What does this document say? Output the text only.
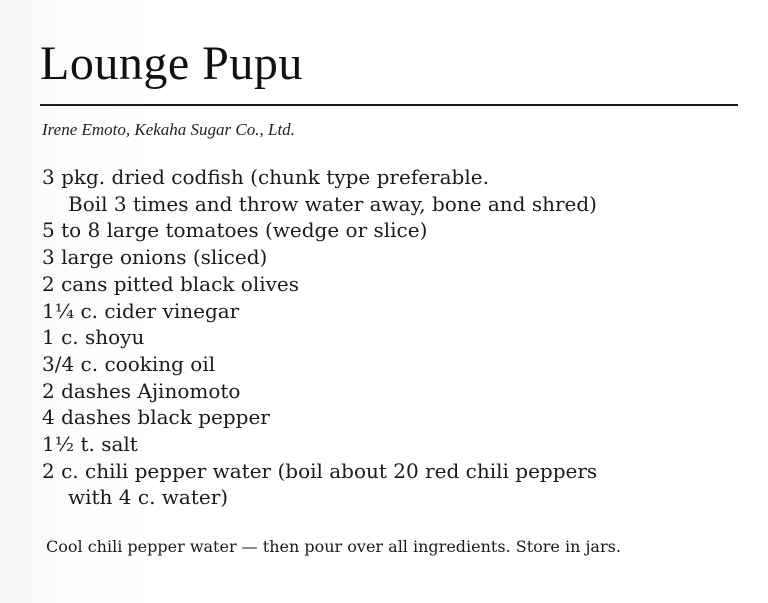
Lounge Pupu
Irene Emoto, Kekaha Sugar Co., Ltd.
3 pkg. dried codfish (chunk type preferable.
Boil 3 times and throw water away, bone and shred)
5 to 8 large tomatoes (wedge or slice)
3 large onions (sliced)
2 cans pitted black olives
1¼ c. cider vinegar
1 c. shoyu
3/4 c. cooking oil
2 dashes Ajinomoto
4 dashes black pepper
1½ t. salt
2 c. chili pepper water (boil about 20 red chili peppers
with 4 c. water)
Cool chili pepper water — then pour over all ingredients. Store in jars.
